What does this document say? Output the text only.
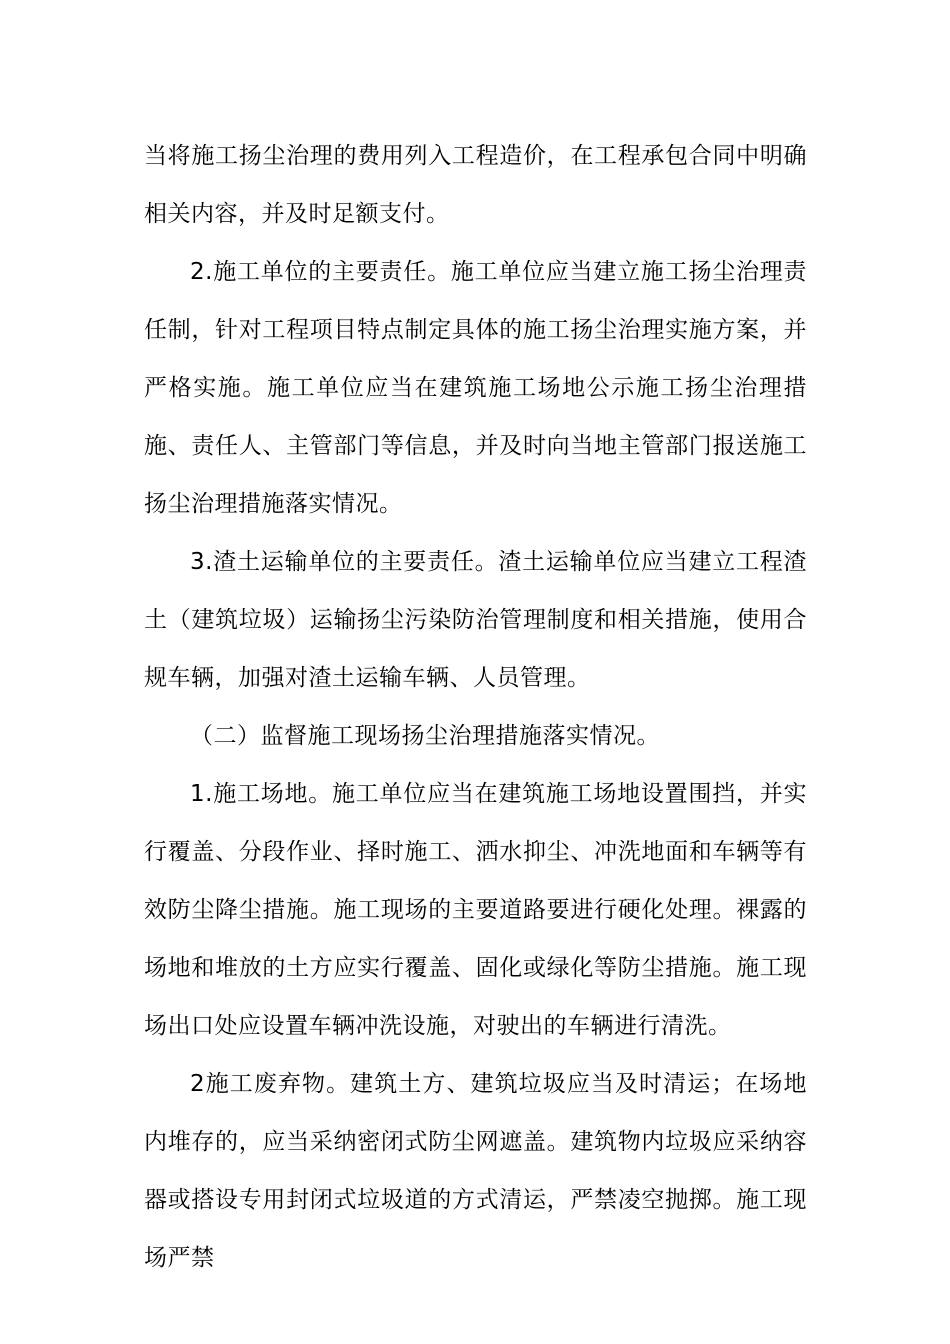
当将施工扬尘治理的费用列入工程造价，在工程承包合同中明确相关内容，并及时足额支付。

2.施工单位的主要责任。施工单位应当建立施工扬尘治理责任制，针对工程项目特点制定具体的施工扬尘治理实施方案，并严格实施。施工单位应当在建筑施工场地公示施工扬尘治理措施、责任人、主管部门等信息，并及时向当地主管部门报送施工扬尘治理措施落实情况。

3.渣土运输单位的主要责任。渣土运输单位应当建立工程渣土（建筑垃圾）运输扬尘污染防治管理制度和相关措施，使用合规车辆，加强对渣土运输车辆、人员管理。

（二）监督施工现场扬尘治理措施落实情况。

1.施工场地。施工单位应当在建筑施工场地设置围挡，并实行覆盖、分段作业、择时施工、洒水抑尘、冲洗地面和车辆等有效防尘降尘措施。施工现场的主要道路要进行硬化处理。裸露的场地和堆放的土方应实行覆盖、固化或绿化等防尘措施。施工现场出口处应设置车辆冲洗设施，对驶出的车辆进行清洗。

2施工废弃物。建筑土方、建筑垃圾应当及时清运；在场地内堆存的，应当采纳密闭式防尘网遮盖。建筑物内垃圾应采纳容器或搭设专用封闭式垃圾道的方式清运，严禁凌空抛掷。施工现场严禁
